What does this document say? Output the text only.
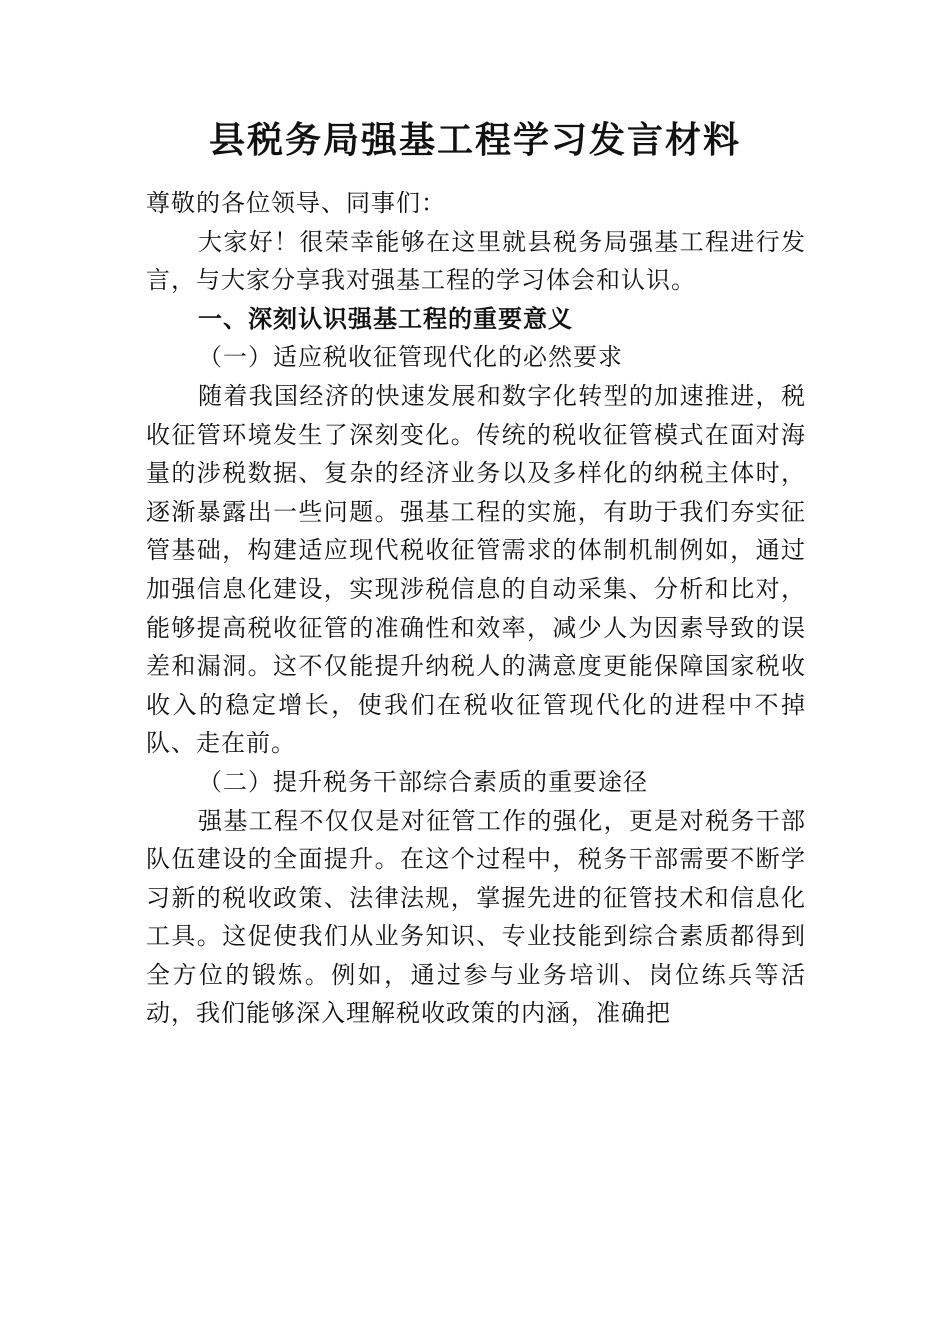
县税务局强基工程学习发言材料

尊敬的各位领导、同事们：

大家好！很荣幸能够在这里就县税务局强基工程进行发言，与大家分享我对强基工程的学习体会和认识。

一、深刻认识强基工程的重要意义

（一）适应税收征管现代化的必然要求

随着我国经济的快速发展和数字化转型的加速推进，税收征管环境发生了深刻变化。传统的税收征管模式在面对海量的涉税数据、复杂的经济业务以及多样化的纳税主体时，逐渐暴露出一些问题。强基工程的实施，有助于我们夯实征管基础，构建适应现代税收征管需求的体制机制例如，通过加强信息化建设，实现涉税信息的自动采集、分析和比对，能够提高税收征管的准确性和效率，减少人为因素导致的误差和漏洞。这不仅能提升纳税人的满意度更能保障国家税收收入的稳定增长，使我们在税收征管现代化的进程中不掉队、走在前。

（二）提升税务干部综合素质的重要途径

强基工程不仅仅是对征管工作的强化，更是对税务干部队伍建设的全面提升。在这个过程中，税务干部需要不断学习新的税收政策、法律法规，掌握先进的征管技术和信息化工具。这促使我们从业务知识、专业技能到综合素质都得到全方位的锻炼。例如，通过参与业务培训、岗位练兵等活动，我们能够深入理解税收政策的内涵，准确把
